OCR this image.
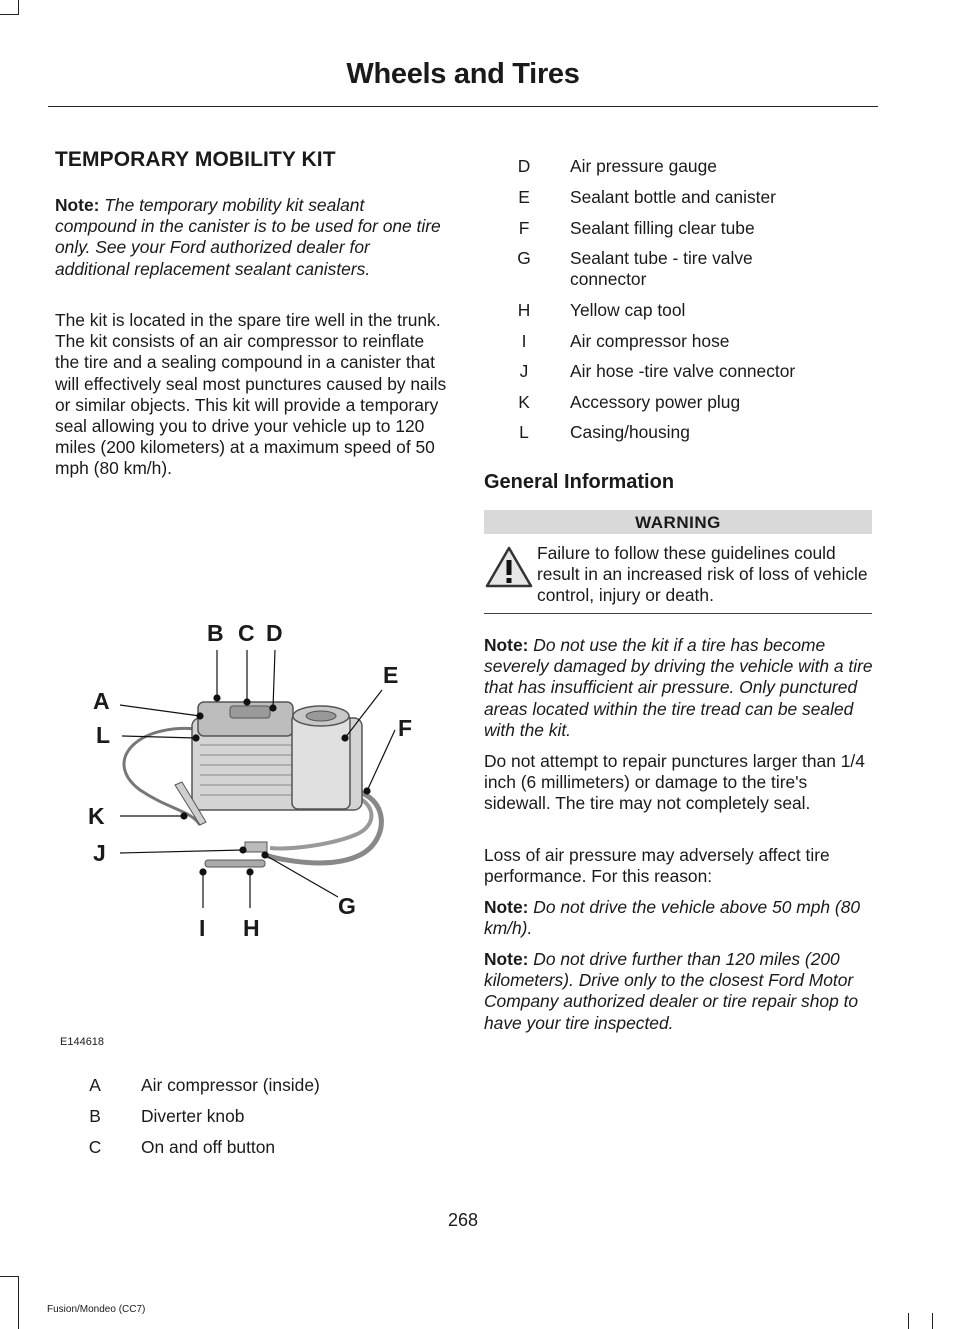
Wheels and Tires
TEMPORARY MOBILITY KIT

Note: The temporary mobility kit sealant compound in the canister is to be used for one tire only. See your Ford authorized dealer for additional replacement sealant canisters.

The kit is located in the spare tire well in the trunk. The kit consists of an air compressor to reinflate the tire and a sealing compound in a canister that will effectively seal most punctures caused by nails or similar objects. This kit will provide a temporary seal allowing you to drive your vehicle up to 120 miles (200 kilometers) at a maximum speed of 50 mph (80 km/h).

A
B C D
E
F
G
H
I
J
K
L
E144618
A	Air compressor (inside)
B	Diverter knob
C	On and off button
D	Air pressure gauge
E	Sealant bottle and canister
F	Sealant filling clear tube
G	Sealant tube - tire valve connector
H	Yellow cap tool
I	Air compressor hose
J	Air hose -tire valve connector
K	Accessory power plug
L	Casing/housing
General Information
WARNING

Failure to follow these guidelines could result in an increased risk of loss of vehicle control, injury or death.

Note: Do not use the kit if a tire has become severely damaged by driving the vehicle with a tire that has insufficient air pressure. Only punctured areas located within the tire tread can be sealed with the kit.

Do not attempt to repair punctures larger than 1/4 inch (6 millimeters) or damage to the tire's sidewall. The tire may not completely seal.

Loss of air pressure may adversely affect tire performance. For this reason:

Note: Do not drive the vehicle above 50 mph (80 km/h).

Note: Do not drive further than 120 miles (200 kilometers). Drive only to the closest Ford Motor Company authorized dealer or tire repair shop to have your tire inspected.

268
Fusion/Mondeo (CC7)
